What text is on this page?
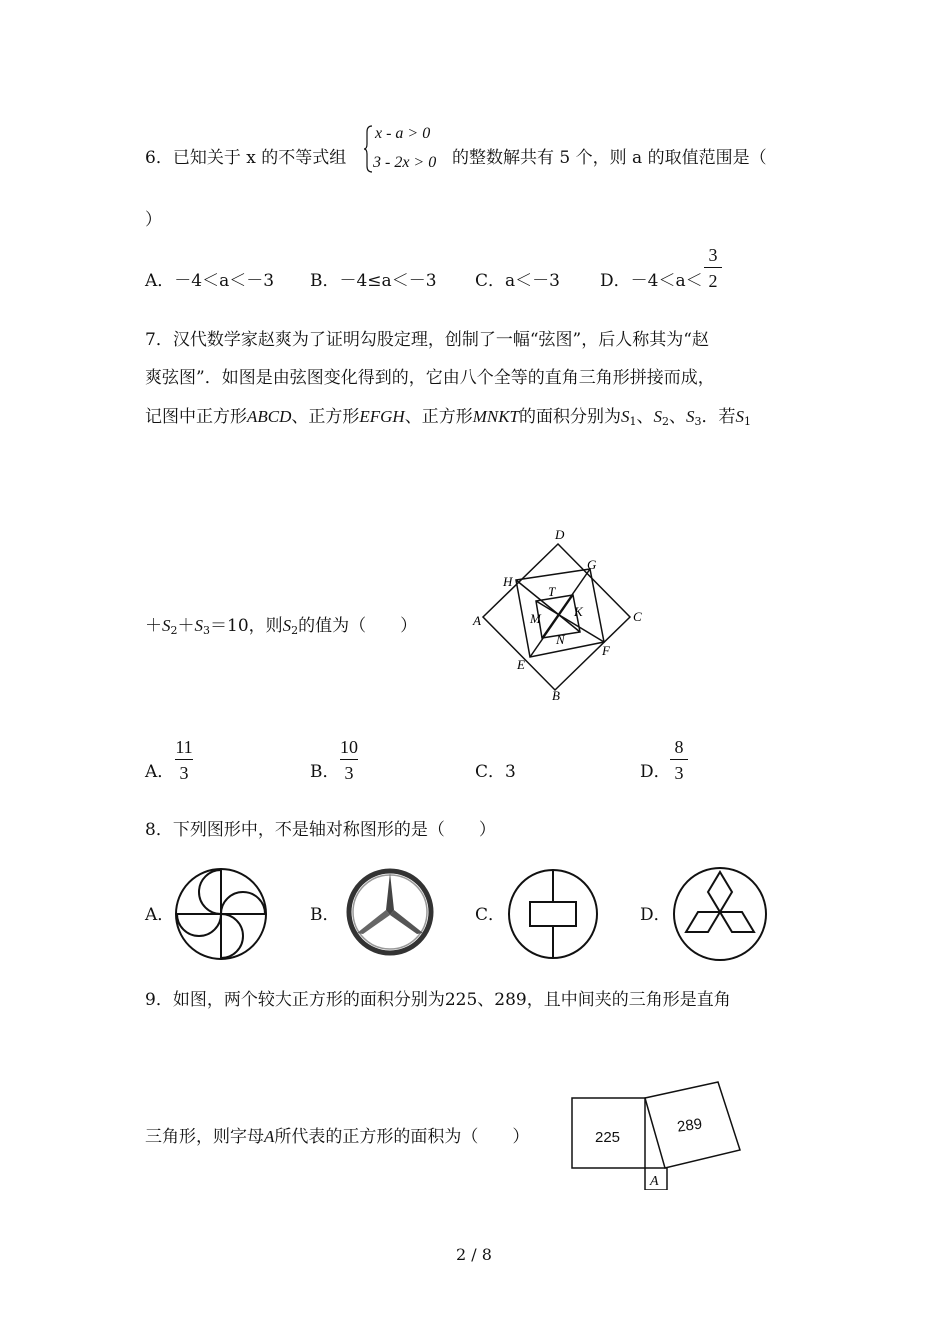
6．已知关于 x 的不等式组
x - a > 0
3 - 2x > 0 的整数解共有 5 个，则 a 的取值范围是（
）
A．－4＜a＜－3 B．－4≤a＜－3 C．a＜－3 D．－4＜a＜
3
2
7．汉代数学家赵爽为了证明勾股定理，创制了一幅“弦图”，后人称其为“赵
爽弦图”．如图是由弦图变化得到的，它由八个全等的直角三角形拼接而成，
记图中正方形ABCD、正方形EFGH、正方形MNKT的面积分别为$S_1$、$S_2$、$S_3$．若$S_1$
$+S_2+S_3=10$，则$S_2$的值为（　　）
D
G
H
T
K
M
N
A	C
E
F
B
A．
11
3	B．
10
3	C．3	D．
8
3
8．下列图形中，不是轴对称图形的是（　　）
A．	B．	C．	D．
9．如图，两个较大正方形的面积分别为225、289，且中间夹的三角形是直角
三角形，则字母A所代表的正方形的面积为（　　）	225
289
A
2 / 8
